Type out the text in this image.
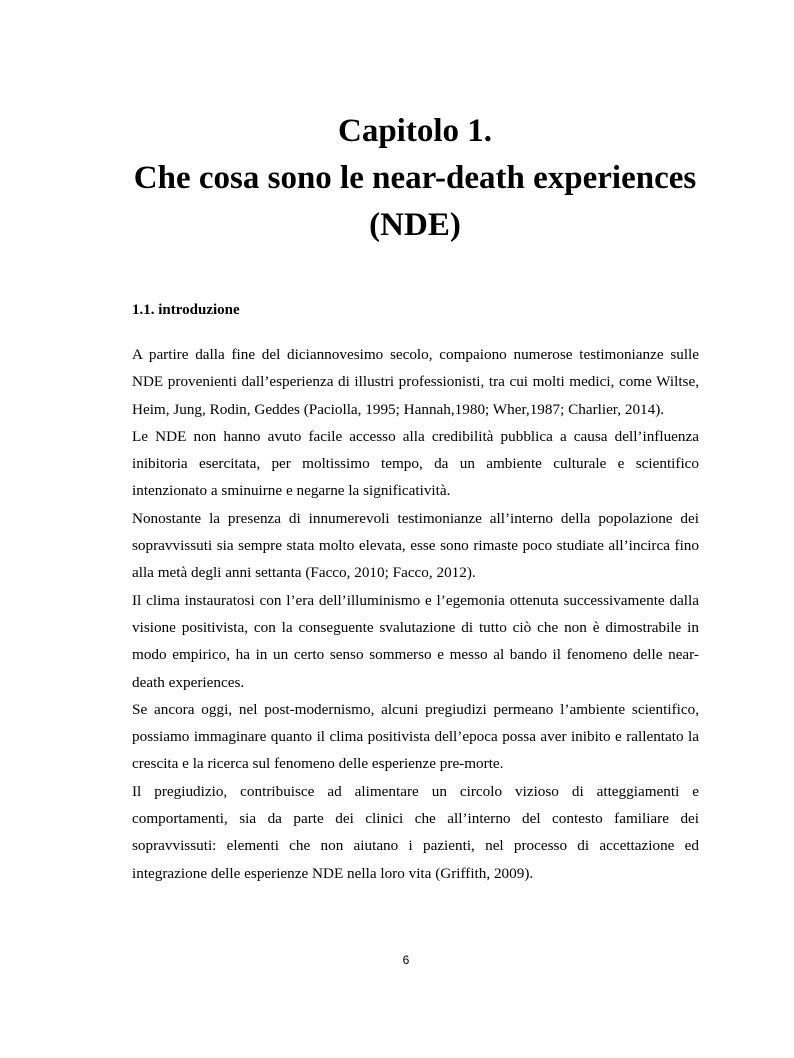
Capitolo 1.
Che cosa sono le near-death experiences
(NDE)
1.1. introduzione

A partire dalla fine del diciannovesimo secolo, compaiono numerose testimonianze sulle NDE provenienti dall’esperienza di illustri professionisti, tra cui molti medici, come Wiltse, Heim, Jung, Rodin, Geddes (Paciolla, 1995; Hannah,1980; Wher,1987; Charlier, 2014).

Le NDE non hanno avuto facile accesso alla credibilità pubblica a causa dell’influenza inibitoria esercitata, per moltissimo tempo, da un ambiente culturale e scientifico intenzionato a sminuirne e negarne la significatività.

Nonostante la presenza di innumerevoli testimonianze all’interno della popolazione dei sopravvissuti sia sempre stata molto elevata, esse sono rimaste poco studiate all’incirca fino alla metà degli anni settanta (Facco, 2010; Facco, 2012).

Il clima instauratosi con l’era dell’illuminismo e l’egemonia ottenuta successivamente dalla visione positivista, con la conseguente svalutazione di tutto ciò che non è dimostrabile in modo empirico, ha in un certo senso sommerso e messo al bando il fenomeno delle near-death experiences.

Se ancora oggi, nel post-modernismo, alcuni pregiudizi permeano l’ambiente scientifico, possiamo immaginare quanto il clima positivista dell’epoca possa aver inibito e rallentato la crescita e la ricerca sul fenomeno delle esperienze pre-morte.

Il pregiudizio, contribuisce ad alimentare un circolo vizioso di atteggiamenti e comportamenti, sia da parte dei clinici che all’interno del contesto familiare dei sopravvissuti: elementi che non aiutano i pazienti, nel processo di accettazione ed integrazione delle esperienze NDE nella loro vita (Griffith, 2009).

6
